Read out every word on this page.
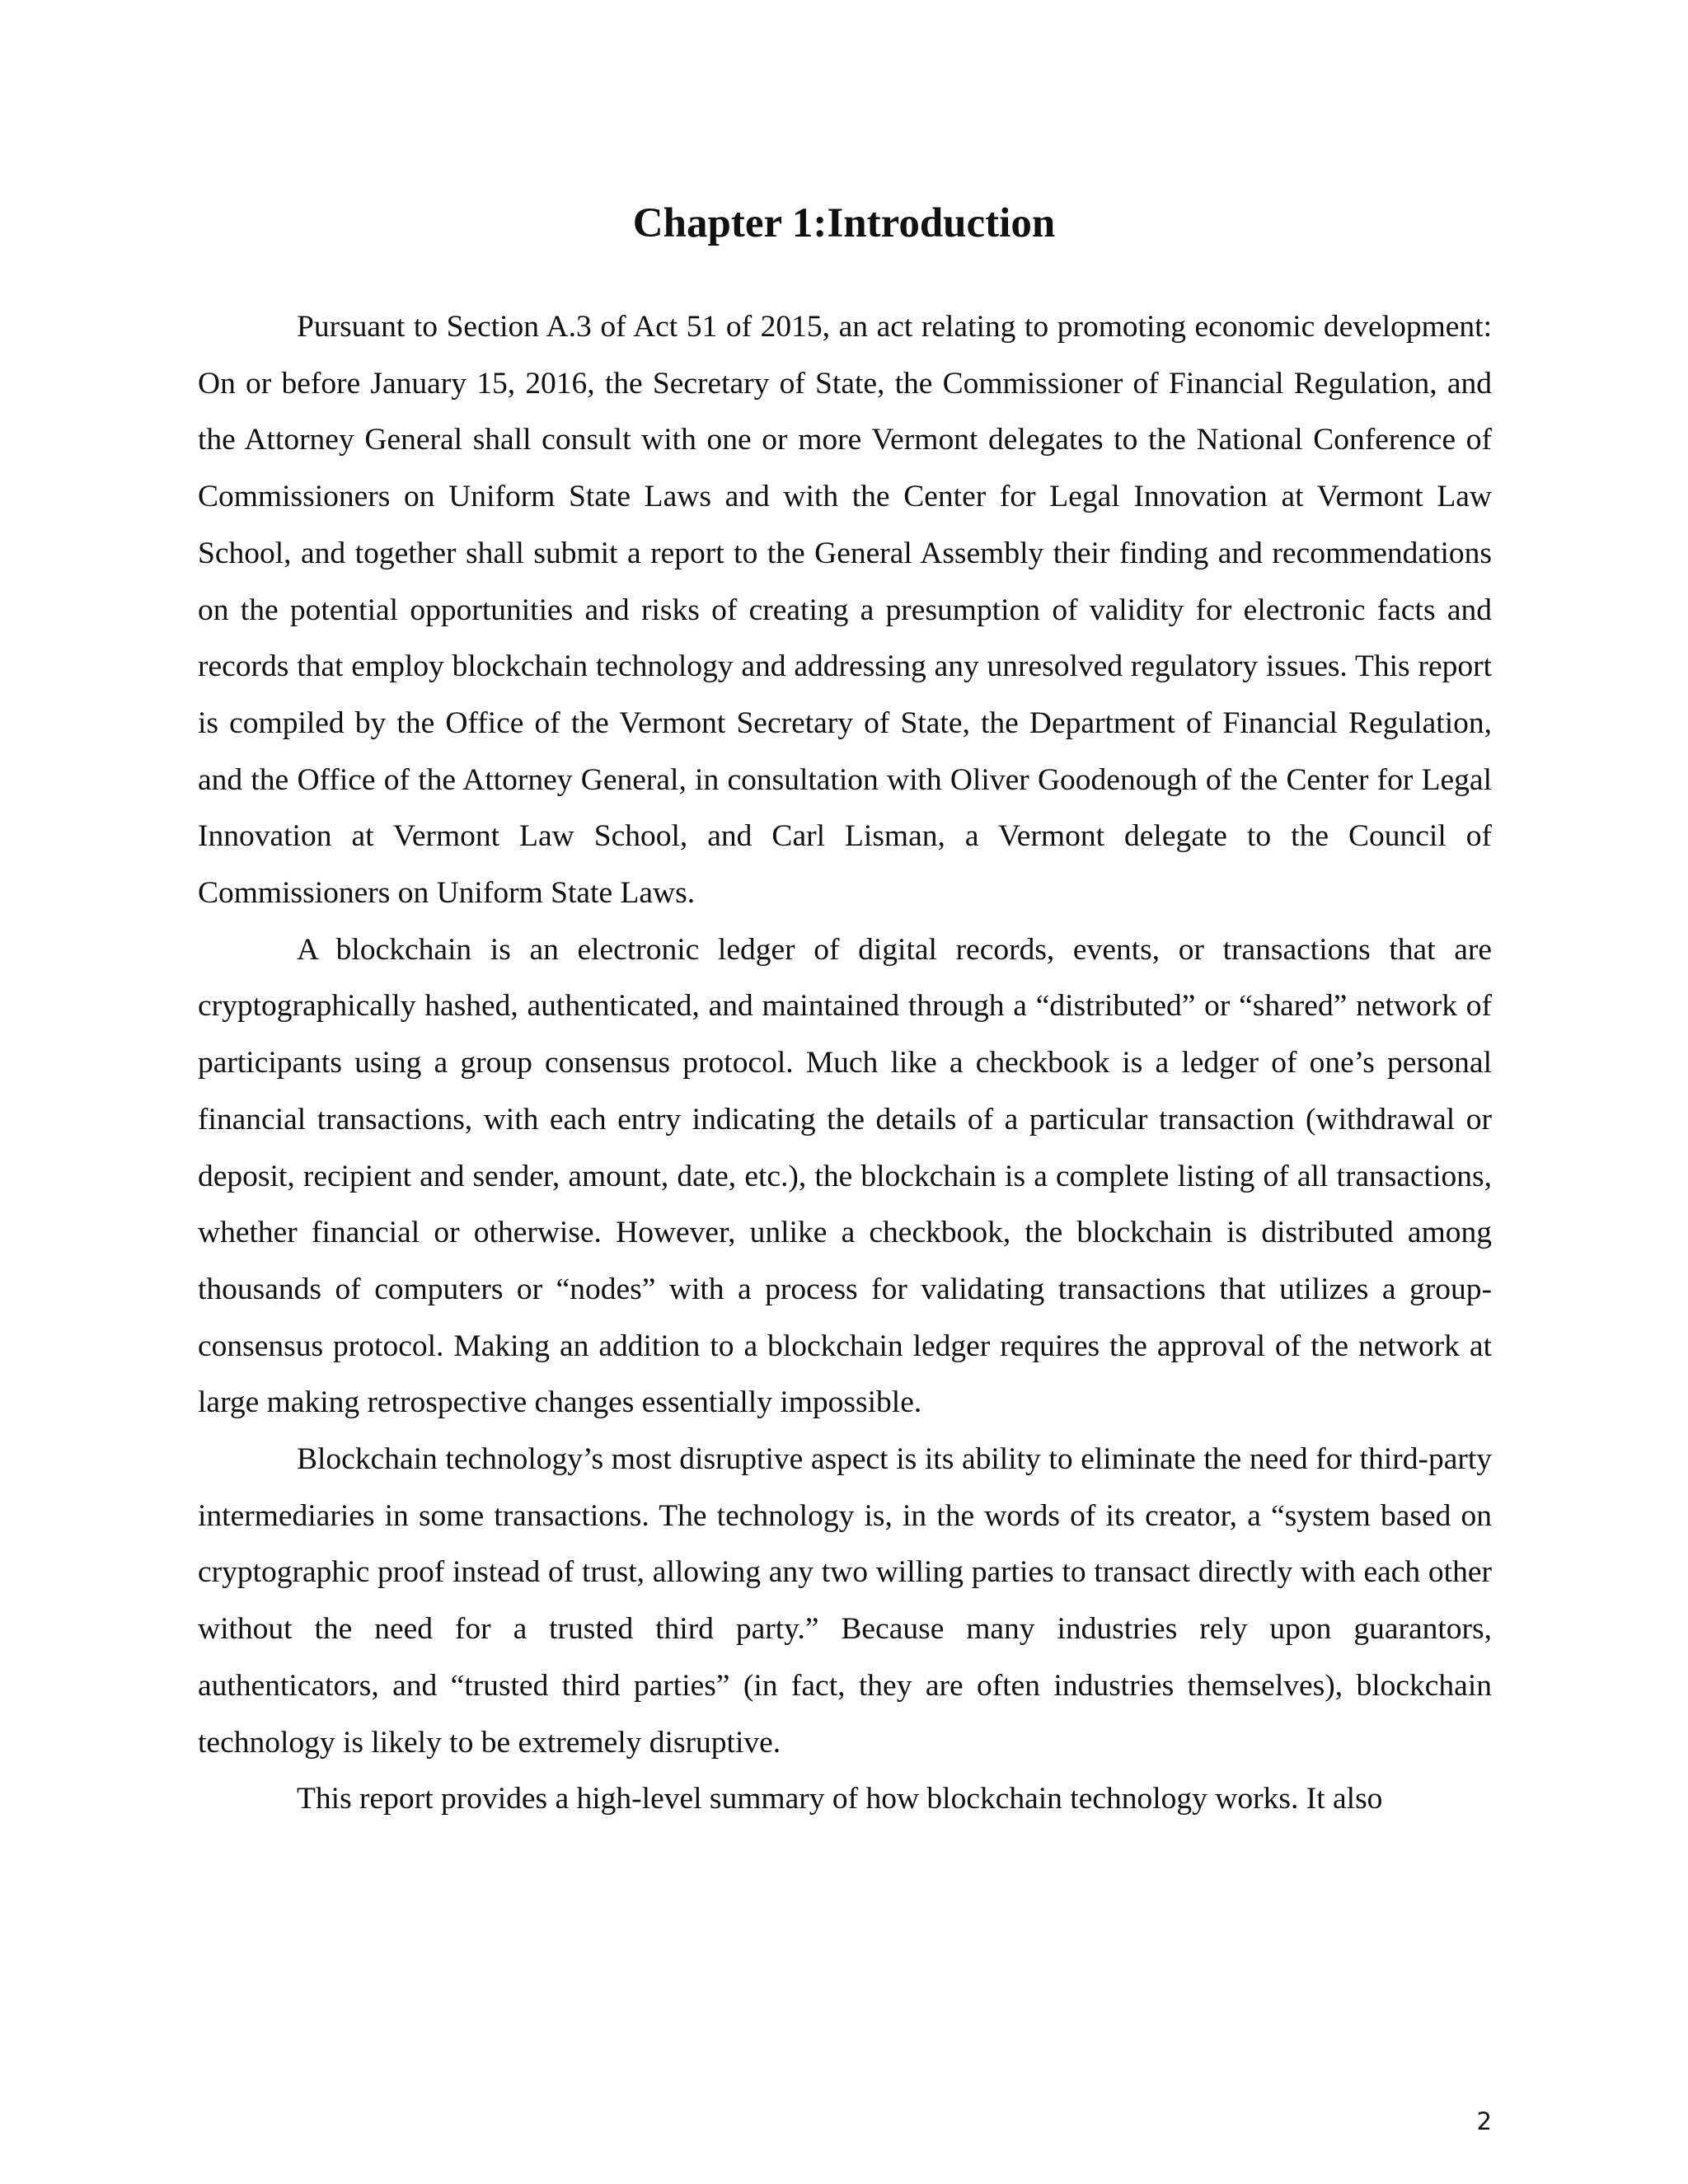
Chapter 1:Introduction

Pursuant to Section A.3 of Act 51 of 2015, an act relating to promoting economic development: On or before January 15, 2016, the Secretary of State, the Commissioner of Financial Regulation, and the Attorney General shall consult with one or more Vermont delegates to the National Conference of Commissioners on Uniform State Laws and with the Center for Legal Innovation at Vermont Law School, and together shall submit a report to the General Assembly their finding and recommendations on the potential opportunities and risks of creating a presumption of validity for electronic facts and records that employ blockchain technology and addressing any unresolved regulatory issues. This report is compiled by the Office of the Vermont Secretary of State, the Department of Financial Regulation, and the Office of the Attorney General, in consultation with Oliver Goodenough of the Center for Legal Innovation at Vermont Law School, and Carl Lisman, a Vermont delegate to the Council of Commissioners on Uniform State Laws.

A blockchain is an electronic ledger of digital records, events, or transactions that are cryptographically hashed, authenticated, and maintained through a “distributed” or “shared” network of participants using a group consensus protocol. Much like a checkbook is a ledger of one’s personal financial transactions, with each entry indicating the details of a particular transaction (withdrawal or deposit, recipient and sender, amount, date, etc.), the blockchain is a complete listing of all transactions, whether financial or otherwise. However, unlike a checkbook, the blockchain is distributed among thousands of computers or “nodes” with a process for validating transactions that utilizes a group-consensus protocol. Making an addition to a blockchain ledger requires the approval of the network at large making retrospective changes essentially impossible.

Blockchain technology’s most disruptive aspect is its ability to eliminate the need for third-party intermediaries in some transactions. The technology is, in the words of its creator, a “system based on cryptographic proof instead of trust, allowing any two willing parties to transact directly with each other without the need for a trusted third party.” Because many industries rely upon guarantors, authenticators, and “trusted third parties” (in fact, they are often industries themselves), blockchain technology is likely to be extremely disruptive.

This report provides a high-level summary of how blockchain technology works. It also

2
